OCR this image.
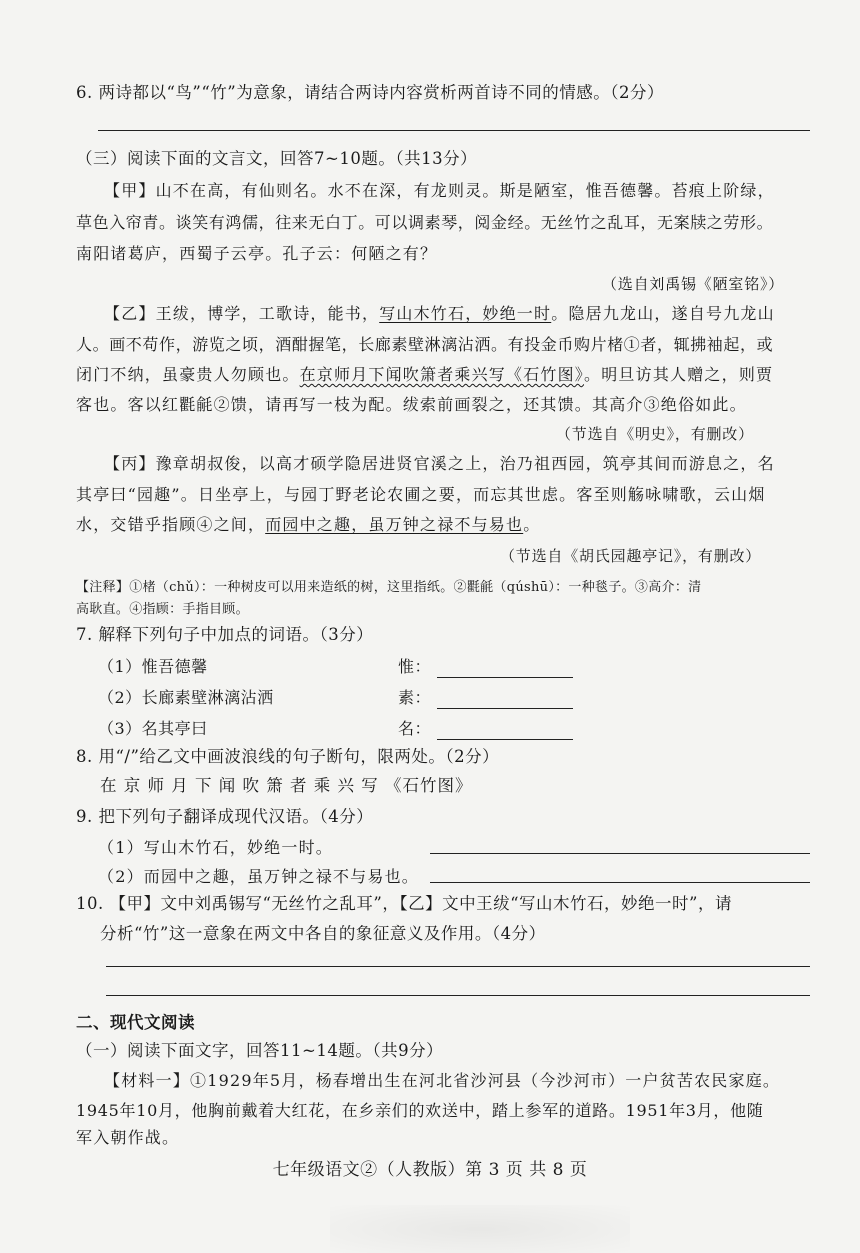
6. 两诗都以“鸟”“竹”为意象，请结合两诗内容赏析两首诗不同的情感。（2分）
（三）阅读下面的文言文，回答7~10题。（共13分）
【甲】山不在高，有仙则名。水不在深，有龙则灵。斯是陋室，惟吾德馨。苔痕上阶绿，
草色入帘青。谈笑有鸿儒，往来无白丁。可以调素琴，阅金经。无丝竹之乱耳，无案牍之劳形。
南阳诸葛庐，西蜀子云亭。孔子云：何陋之有？
（选自刘禹锡《陋室铭》）
【乙】王绂，博学，工歌诗，能书，写山木竹石，妙绝一时。隐居九龙山，遂自号九龙山
人。画不苟作，游览之顷，酒酣握笔，长廊素壁淋漓沾洒。有投金币购片楮①者，辄拂袖起，或
闭门不纳，虽豪贵人勿顾也。在京师月下闻吹箫者乘兴写《石竹图》。明旦访其人赠之，则贾
客也。客以红氍毹②馈，请再写一枝为配。绂索前画裂之，还其馈。其高介③绝俗如此。
（节选自《明史》，有删改）
【丙】豫章胡叔俊，以高才硕学隐居进贤官溪之上，治乃祖西园，筑亭其间而游息之，名
其亭曰“园趣”。日坐亭上，与园丁野老论农圃之要，而忘其世虑。客至则觞咏啸歌，云山烟
水，交错乎指顾④之间，而园中之趣，虽万钟之禄不与易也。
（节选自《胡氏园趣亭记》，有删改）
【注释】①楮（chǔ）：一种树皮可以用来造纸的树，这里指纸。②氍毹（qúshū）：一种毯子。③高介：清
高耿直。④指顾：手指目顾。
7. 解释下列句子中加点的词语。（3分）
（1）惟吾德馨	惟：
（2）长廊素壁淋漓沾洒	素：
（3）名其亭曰	名：
8. 用“/”给乙文中画波浪线的句子断句，限两处。（2分）
在 京 师 月 下 闻 吹 箫 者 乘 兴 写 《石竹图》
9. 把下列句子翻译成现代汉语。（4分）
（1）写山木竹石，妙绝一时。
（2）而园中之趣，虽万钟之禄不与易也。
10. 【甲】文中刘禹锡写“无丝竹之乱耳”，【乙】文中王绂“写山木竹石，妙绝一时”，请
分析“竹”这一意象在两文中各自的象征意义及作用。（4分）
二、现代文阅读
（一）阅读下面文字，回答11~14题。（共9分）
【材料一】①1929年5月，杨春增出生在河北省沙河县（今沙河市）一户贫苦农民家庭。
1945年10月，他胸前戴着大红花，在乡亲们的欢送中，踏上参军的道路。1951年3月，他随
军入朝作战。
七年级语文②（人教版）第 3 页 共 8 页
